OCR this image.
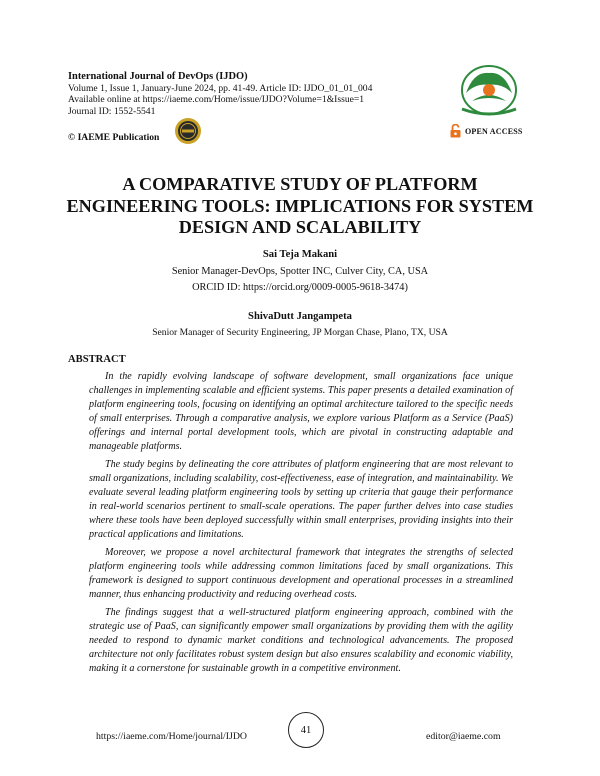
International Journal of DevOps (IJDO)
Volume 1, Issue 1, January-June 2024, pp. 41-49. Article ID: IJDO_01_01_004
Available online at https://iaeme.com/Home/issue/IJDO?Volume=1&Issue=1
Journal ID: 1552-5541
© IAEME Publication
OPEN ACCESS
A COMPARATIVE STUDY OF PLATFORM ENGINEERING TOOLS: IMPLICATIONS FOR SYSTEM DESIGN AND SCALABILITY
Sai Teja Makani
Senior Manager-DevOps, Spotter INC, Culver City, CA, USA
ORCID ID: https://orcid.org/0009-0005-9618-3474)
ShivaDutt Jangampeta
Senior Manager of Security Engineering, JP Morgan Chase, Plano, TX, USA
ABSTRACT

In the rapidly evolving landscape of software development, small organizations face unique challenges in implementing scalable and efficient systems. This paper presents a detailed examination of platform engineering tools, focusing on identifying an optimal architecture tailored to the specific needs of small enterprises. Through a comparative analysis, we explore various Platform as a Service (PaaS) offerings and internal portal development tools, which are pivotal in constructing adaptable and manageable platforms.

The study begins by delineating the core attributes of platform engineering that are most relevant to small organizations, including scalability, cost-effectiveness, ease of integration, and maintainability. We evaluate several leading platform engineering tools by setting up criteria that gauge their performance in real-world scenarios pertinent to small-scale operations. The paper further delves into case studies where these tools have been deployed successfully within small enterprises, providing insights into their practical applications and limitations.

Moreover, we propose a novel architectural framework that integrates the strengths of selected platform engineering tools while addressing common limitations faced by small organizations. This framework is designed to support continuous development and operational processes in a streamlined manner, thus enhancing productivity and reducing overhead costs.

The findings suggest that a well-structured platform engineering approach, combined with the strategic use of PaaS, can significantly empower small organizations by providing them with the agility needed to respond to dynamic market conditions and technological advancements. The proposed architecture not only facilitates robust system design but also ensures scalability and economic viability, making it a cornerstone for sustainable growth in a competitive environment.

https://iaeme.com/Home/journal/IJDO
41
editor@iaeme.com
